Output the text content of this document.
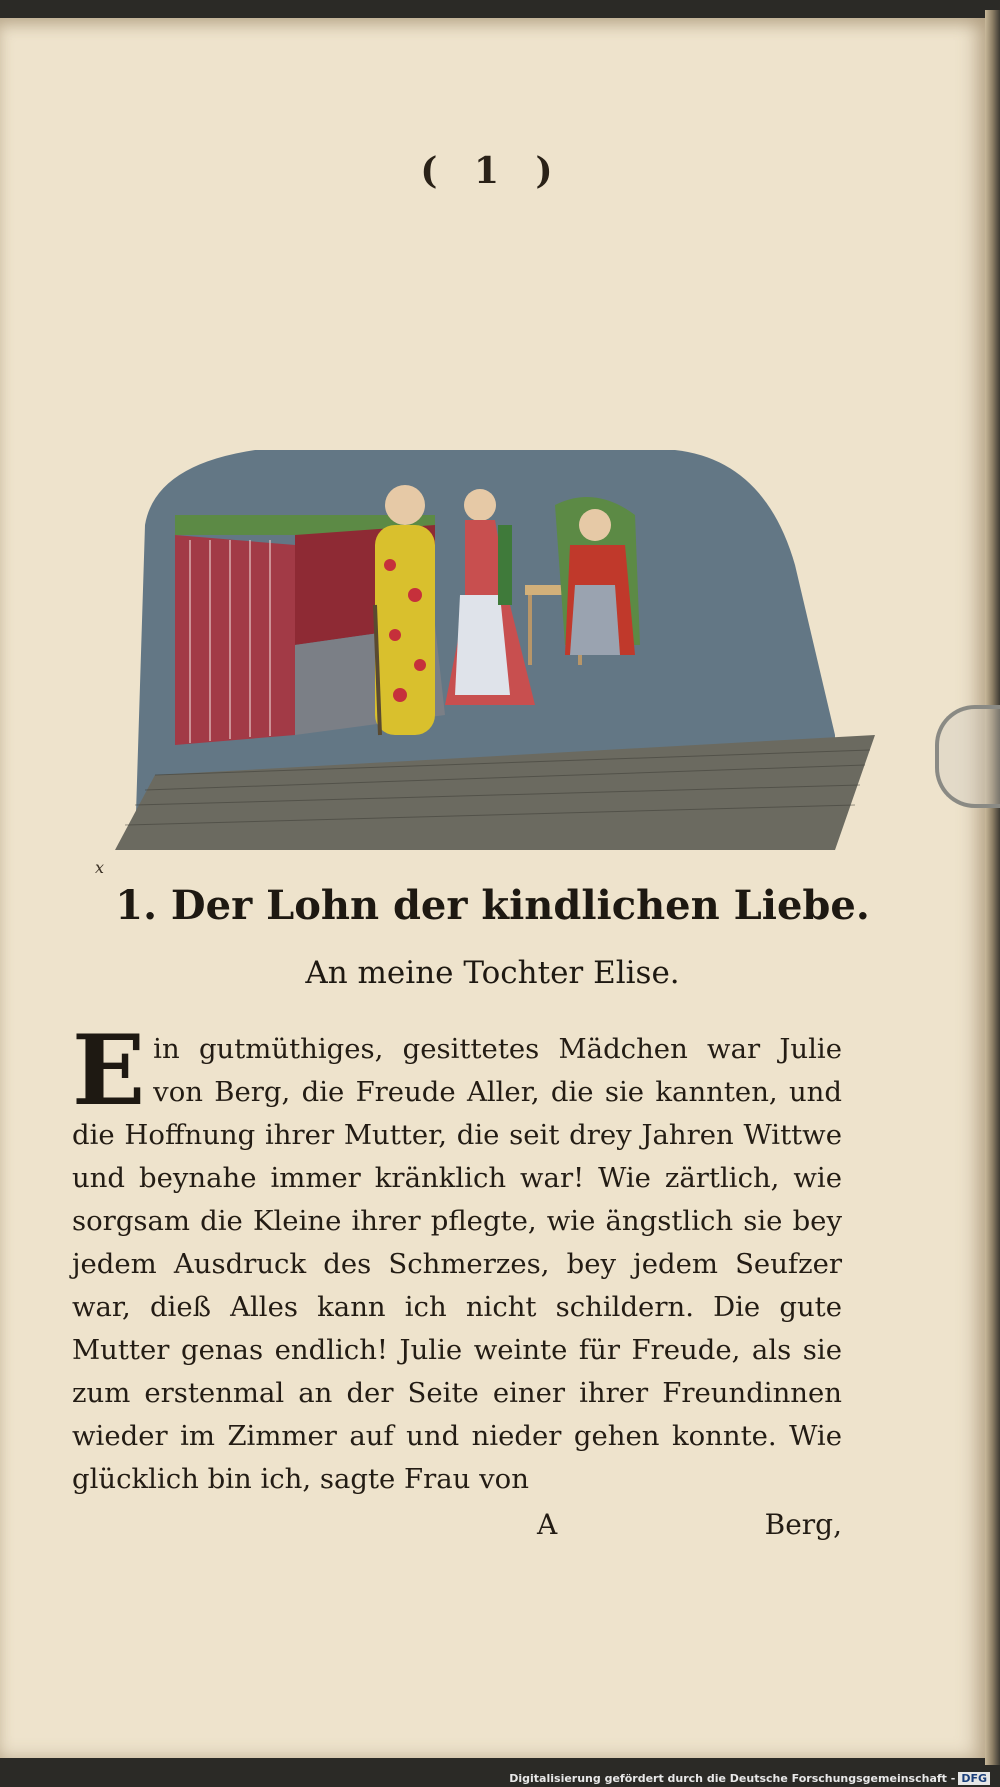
( 1 )
x
1. Der Lohn der kindlichen Liebe.
An meine Tochter Elise.
E in gutmüthiges, gesittetes Mädchen war Julie von Berg, die Freude Aller, die sie kannten, und die Hoffnung ihrer Mutter, die seit drey Jahren Wittwe und beynahe immer kränklich war! Wie zärtlich, wie sorgsam die Kleine ihrer pflegte, wie ängstlich sie bey jedem Ausdruck des Schmerzes, bey jedem Seufzer war, dieß Alles kann ich nicht schildern. Die gute Mutter genas endlich! Julie weinte für Freude, als sie zum erstenmal an der Seite einer ihrer Freundinnen wieder im Zimmer auf und nieder gehen konnte. Wie glücklich bin ich, sagte Frau von
A	Berg,
Digitalisierung gefördert durch die Deutsche Forschungsgemeinschaft - DFG
